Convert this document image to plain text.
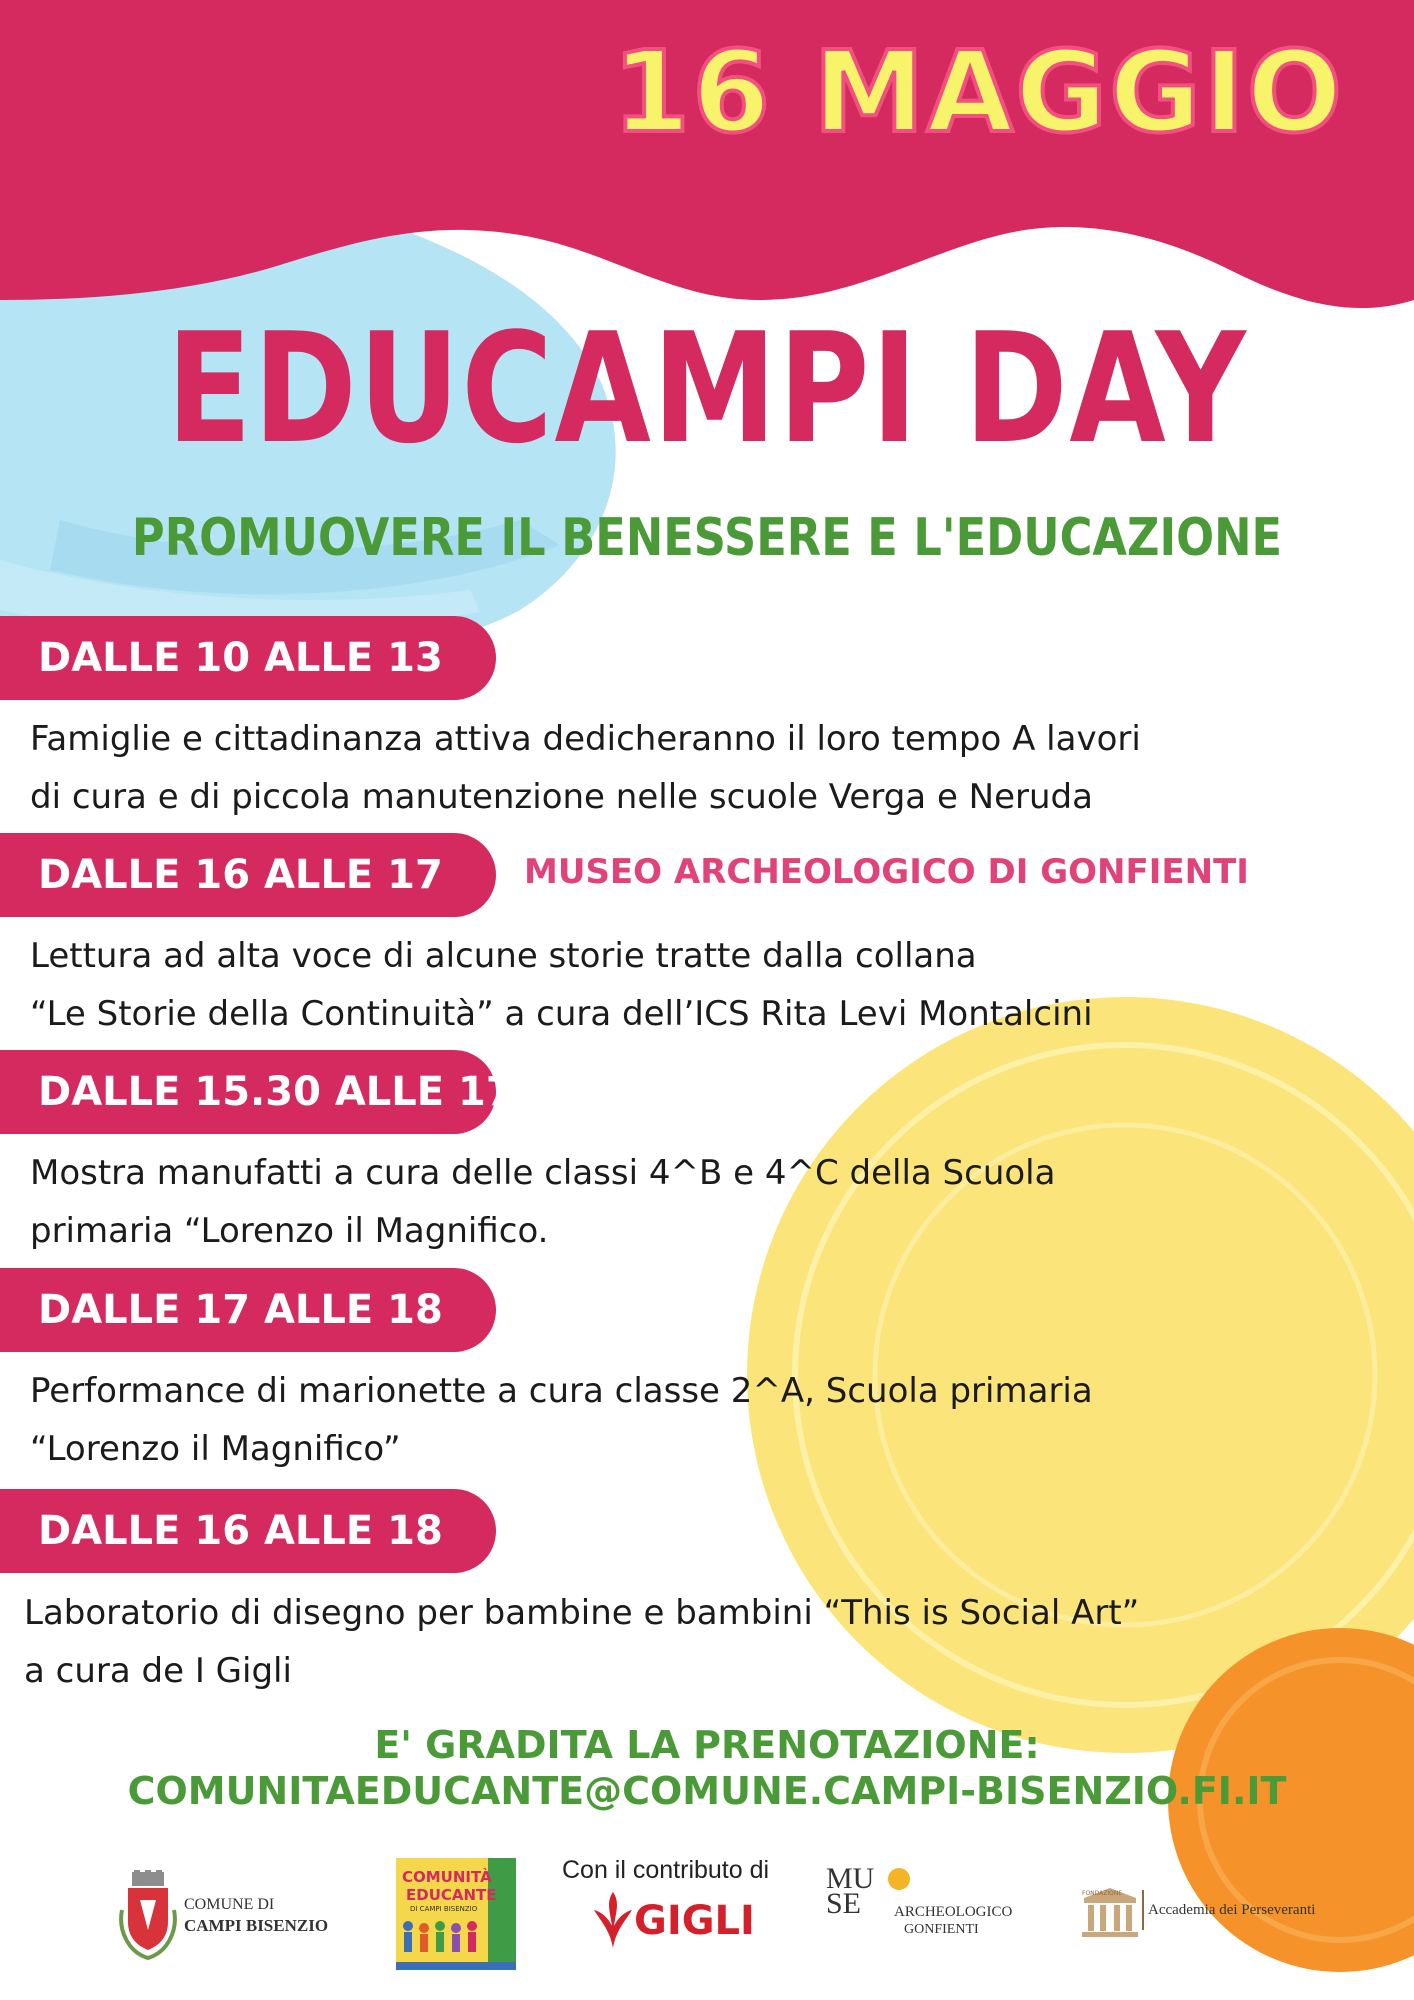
16 MAGGIO
EDUCAMPI DAY
PROMUOVERE IL BENESSERE E L'EDUCAZIONE
DALLE 10 ALLE 13

Famiglie e cittadinanza attiva dedicheranno il loro tempo A lavori
di cura e di piccola manutenzione nelle scuole Verga e Neruda

DALLE 16 ALLE 17	MUSEO ARCHEOLOGICO DI GONFIENTI

Lettura ad alta voce di alcune storie tratte dalla collana
“Le Storie della Continuità” a cura dell’ICS Rita Levi Montalcini

DALLE 15.30 ALLE 17

Mostra manufatti a cura delle classi 4^B e 4^C della Scuola
primaria “Lorenzo il Magnifico.

DALLE 17 ALLE 18

Performance di marionette a cura classe 2^A, Scuola primaria
“Lorenzo il Magnifico”

DALLE 16 ALLE 18

Laboratorio di disegno per bambine e bambini “This is Social Art”
a cura de I Gigli

E' GRADITA LA PRENOTAZIONE:
COMUNITAEDUCANTE@COMUNE.CAMPI-BISENZIO.FI.IT
Con il contributo di
COMUNE DI
CAMPI BISENZIO
COMUNITÀ
EDUCANTE
DI CAMPI BISENZIO	GIGLI
MUSE	ARCHEOLOGICO
GONFIENTI
FONDAZIONE
Accademia dei Perseveranti
